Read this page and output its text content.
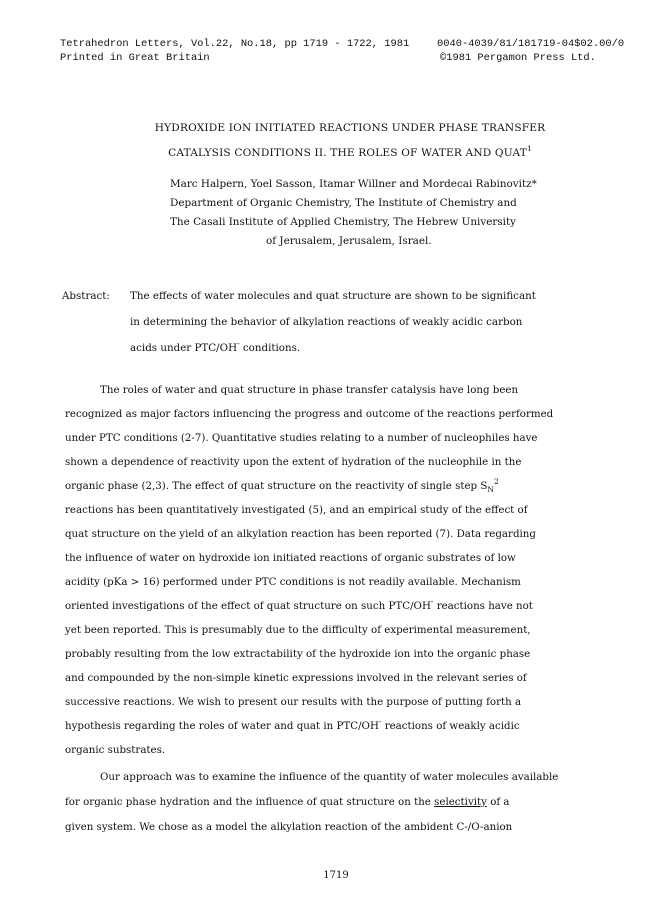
Tetrahedron Letters, Vol.22, No.18, pp 1719 - 1722, 1981
Printed in Great Britain
0040-4039/81/181719-04$02.00/0
©1981 Pergamon Press Ltd.
HYDROXIDE ION INITIATED REACTIONS UNDER PHASE TRANSFER
CATALYSIS CONDITIONS II. THE ROLES OF WATER AND QUAT$^1$
Marc Halpern, Yoel Sasson, Itamar Willner and Mordecai Rabinovitz*
Department of Organic Chemistry, The Institute of Chemistry and
The Casali Institute of Applied Chemistry, The Hebrew University
of Jerusalem, Jerusalem, Israel.
Abstract: The effects of water molecules and quat structure are shown to be significant
in determining the behavior of alkylation reactions of weakly acidic carbon
acids under PTC/OH- conditions.
The roles of water and quat structure in phase transfer catalysis have long been
recognized as major factors influencing the progress and outcome of the reactions performed
under PTC conditions (2-7). Quantitative studies relating to a number of nucleophiles have
shown a dependence of reactivity upon the extent of hydration of the nucleophile in the
organic phase (2,3). The effect of quat structure on the reactivity of single step $S_N^2$
reactions has been quantitatively investigated (5), and an empirical study of the effect of
quat structure on the yield of an alkylation reaction has been reported (7). Data regarding
the influence of water on hydroxide ion initiated reactions of organic substrates of low
acidity (pKa > 16) performed under PTC conditions is not readily available. Mechanism
oriented investigations of the effect of quat structure on such PTC/OH- reactions have not
yet been reported. This is presumably due to the difficulty of experimental measurement,
probably resulting from the low extractability of the hydroxide ion into the organic phase
and compounded by the non-simple kinetic expressions involved in the relevant series of
successive reactions. We wish to present our results with the purpose of putting forth a
hypothesis regarding the roles of water and quat in PTC/OH- reactions of weakly acidic
organic substrates.
Our approach was to examine the influence of the quantity of water molecules available
for organic phase hydration and the influence of quat structure on the selectivity of a
given system. We chose as a model the alkylation reaction of the ambident C-/O-anion
1719
